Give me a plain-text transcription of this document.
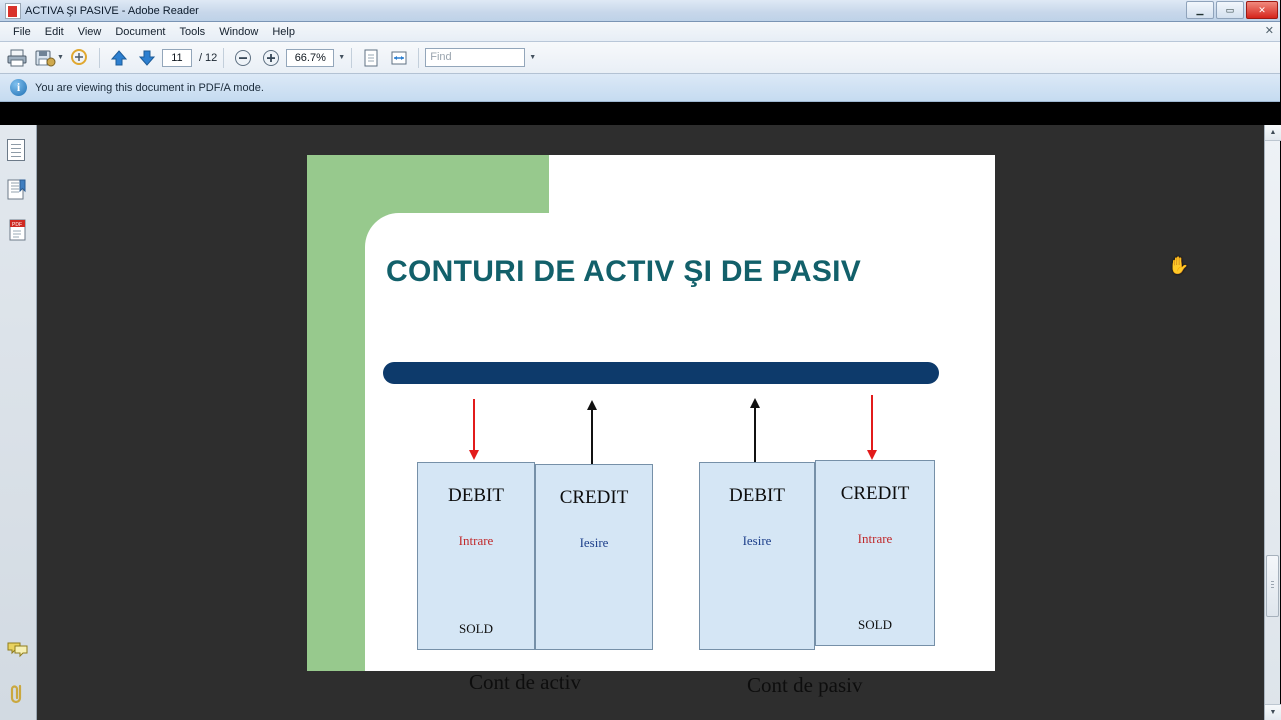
ACTIVA ŞI PASIVE - Adobe Reader	▁ ▭	✕
File	Edit	View	Document	Tools	Window	Help	✕
▼	11	/ 12	66.7%	▼	Find	▼
i	You are viewing this document in PDF/A mode.
PDF
DEBIT
Intrare
SOLD
CREDIT
Iesire
DEBIT
Iesire
CREDIT
Intrare
SOLD
Cont de activ	Cont de pasiv
CONTURI DE ACTIV ŞI DE PASIV
▲
▼
✋
